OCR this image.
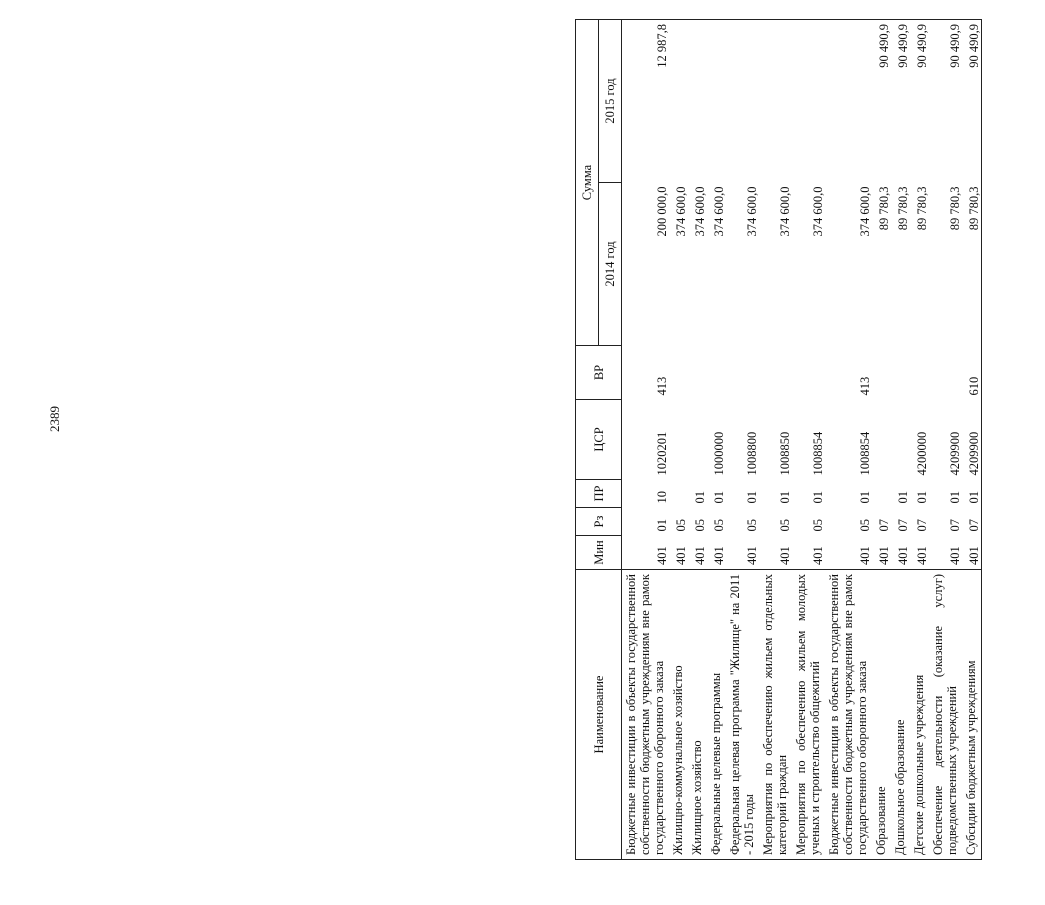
2389
Наименование	Мин	Рз	ПР	ЦСР	ВР	Сумма	
						2014 год	2015 год
Бюджетные инвестиции в объекты государственной собственности бюджетным учреждениям вне рамок государственного оборонного заказа	401	01	10	1020201	413	200 000,0	12 987,8
Жилищно-коммунальное хозяйство	401	05				374 600,0	
Жилищное хозяйство	401	05	01			374 600,0	
Федеральные целевые программы	401	05	01	1000000		374 600,0	
Федеральная целевая программа "Жилище" на 2011 - 2015 годы	401	05	01	1008800		374 600,0	
Мероприятия по обеспечению жильем отдельных категорий граждан	401	05	01	1008850		374 600,0	
Мероприятия по обеспечению жильем молодых ученых и строительство общежитий	401	05	01	1008854		374 600,0	
Бюджетные инвестиции в объекты государственной собственности бюджетным учреждениям вне рамок государственного оборонного заказа	401	05	01	1008854	413	374 600,0	
Образование	401	07				89 780,3	90 490,9
Дошкольное образование	401	07	01			89 780,3	90 490,9
Детские дошкольные учреждения	401	07	01	4200000		89 780,3	90 490,9
Обеспечение деятельности (оказание услуг) подведомственных учреждений	401	07	01	4209900		89 780,3	90 490,9
Субсидии бюджетным учреждениям	401	07	01	4209900	610	89 780,3	90 490,9
